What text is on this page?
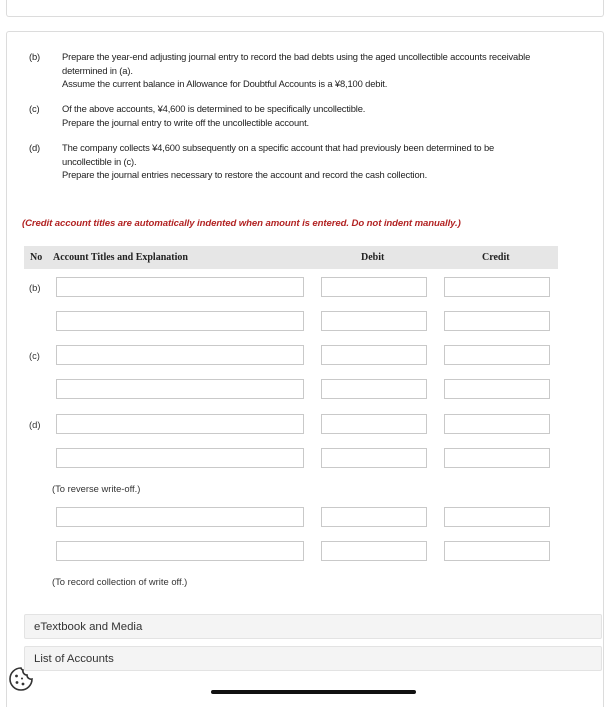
(b) Prepare the year-end adjusting journal entry to record the bad debts using the aged uncollectible accounts receivable
determined in (a).
Assume the current balance in Allowance for Doubtful Accounts is a ¥8,100 debit.
(c) Of the above accounts, ¥4,600 is determined to be specifically uncollectible.
Prepare the journal entry to write off the uncollectible account.
(d) The company collects ¥4,600 subsequently on a specific account that had previously been determined to be
uncollectible in (c).
Prepare the journal entries necessary to restore the account and record the cash collection.
(Credit account titles are automatically indented when amount is entered. Do not indent manually.)
No Account Titles and Explanation	Debit	Credit
(b)
(c)
(d)
(To reverse write-off.)
(To record collection of write off.)
eTextbook and Media
List of Accounts
